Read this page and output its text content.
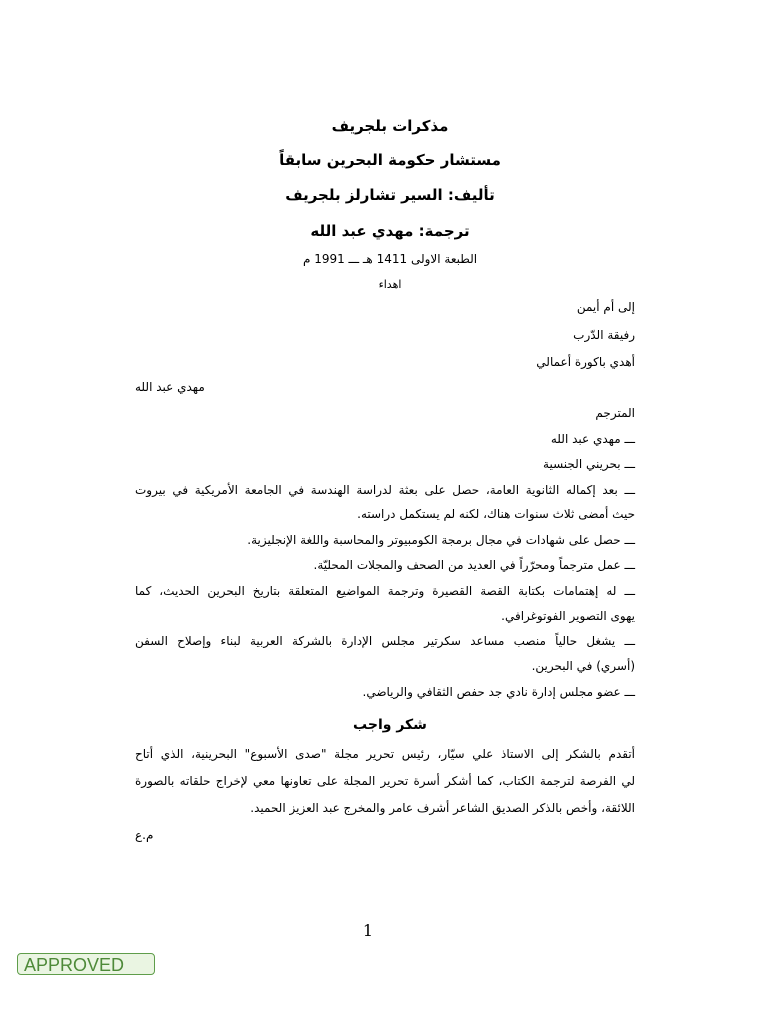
مذكرات بلجريف
مستشار حكومة البحرين سابقاً
تأليف: السير تشارلز بلجريف
ترجمة: مهدي عبد الله
الطبعة الاولى 1411 هـ ـــ 1991 م
اهداء
إلى أم أيمن
رفيقة الدّرب
أهدي باكورة أعمالي
مهدي عبد الله
المترجم
ـــ مهدي عبد الله
ـــ بحريني الجنسية
ـــ بعد إكماله الثانوية العامة، حصل على بعثة لدراسة الهندسة في الجامعة الأمريكية في بيروت
حيث أمضى ثلاث سنوات هناك، لكنه لم يستكمل دراسته.
ـــ حصل على شهادات في مجال برمجة الكومبيوتر والمحاسبة واللغة الإنجليزية.
ـــ عمل مترجماً ومحرّراً في العديد من الصحف والمجلات المحليّة.
ـــ له إهتمامات بكتابة القصة القصيرة وترجمة المواضيع المتعلقة بتاريخ البحرين الحديث، كما
يهوى التصوير الفوتوغرافي.
ـــ يشغل حالياً منصب مساعد سكرتير مجلس الإدارة بالشركة العربية لبناء وإصلاح السفن
(أسري) في البحرين.
ـــ عضو مجلس إدارة نادي جد حفص الثقافي والرياضي.
شكر واجب
أتقدم بالشكر إلى الاستاذ علي سيّار، رئيس تحرير مجلة "صدى الأسبوع" البحرينية، الذي أتاح
لي الفرصة لترجمة الكتاب، كما أشكر أسرة تحرير المجلة على تعاونها معي لإخراج حلقاته بالصورة
اللائقة، وأخص بالذكر الصديق الشاعر أشرف عامر والمخرج عبد العزيز الحميد.
م.ع
1
APPROVED
